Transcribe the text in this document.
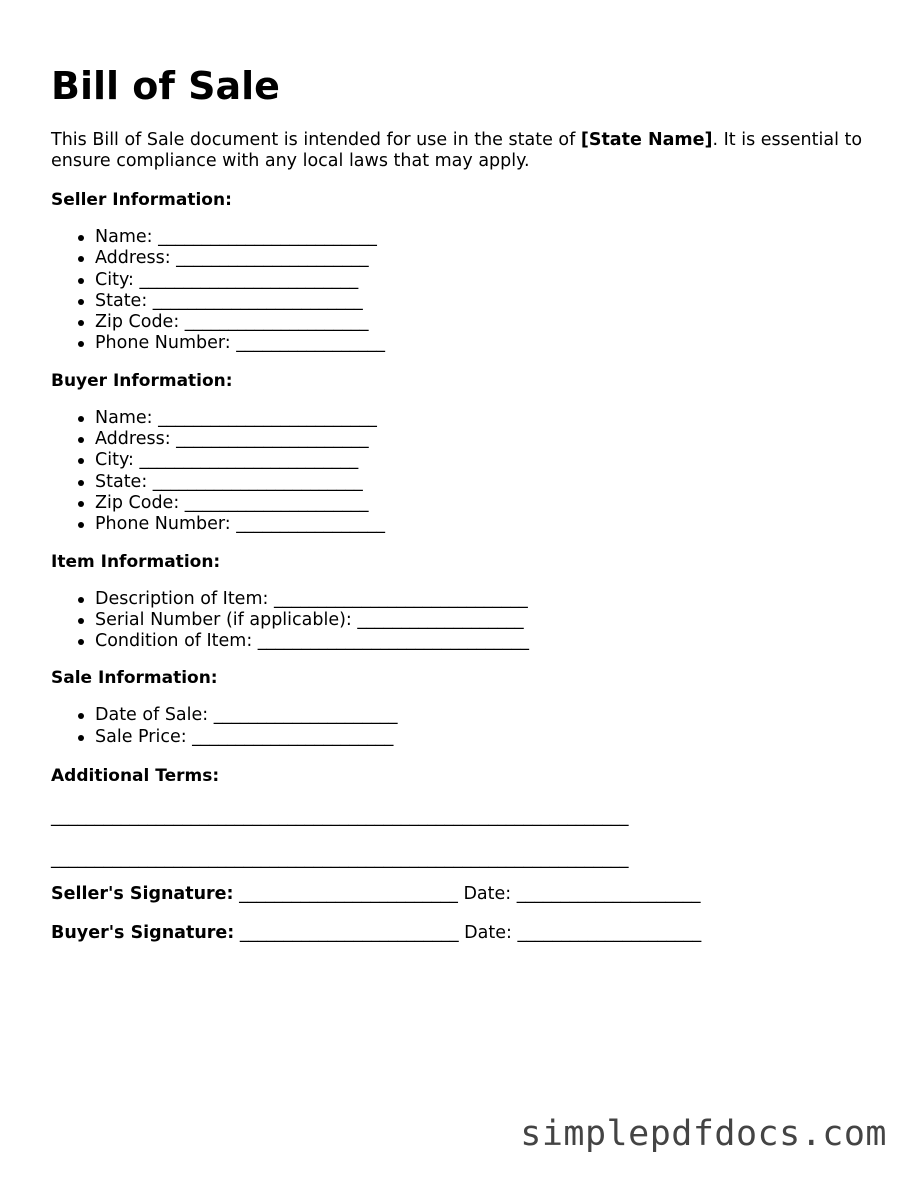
Bill of Sale

This Bill of Sale document is intended for use in the state of [State Name]. It is essential to ensure compliance with any local laws that may apply.

Seller Information:
Name: _________________________
Address: ______________________
City: _________________________
State: ________________________
Zip Code: _____________________
Phone Number: _________________
Buyer Information:
Name: _________________________
Address: ______________________
City: _________________________
State: ________________________
Zip Code: _____________________
Phone Number: _________________
Item Information:
Description of Item: _____________________________
Serial Number (if applicable): ___________________
Condition of Item: _______________________________
Sale Information:
Date of Sale: _____________________
Sale Price: _______________________
Additional Terms:
__________________________________________________________________
__________________________________________________________________
Seller's Signature: _________________________ Date: _____________________
Buyer's Signature: _________________________ Date: _____________________
simplepdfdocs.com
